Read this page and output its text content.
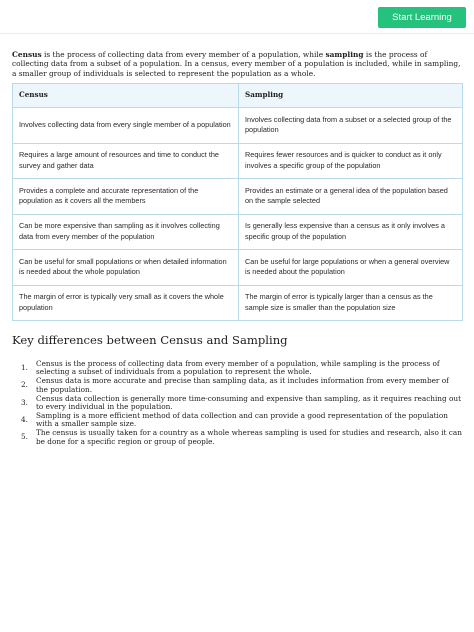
Start Learning

Census is the process of collecting data from every member of a population, while sampling is the process of collecting data from a subset of a population. In a census, every member of a population is included, while in sampling, a smaller group of individuals is selected to represent the population as a whole.

Census	Sampling
Involves collecting data from every single member of a population	Involves collecting data from a subset or a selected group of the population
Requires a large amount of resources and time to conduct the survey and gather data	Requires fewer resources and is quicker to conduct as it only involves a specific group of the population
Provides a complete and accurate representation of the population as it covers all the members	Provides an estimate or a general idea of the population based on the sample selected
Can be more expensive than sampling as it involves collecting data from every member of the population	Is generally less expensive than a census as it only involves a specific group of the population
Can be useful for small populations or when detailed information is needed about the whole population	Can be useful for large populations or when a general overview is needed about the population
The margin of error is typically very small as it covers the whole population	The margin of error is typically larger than a census as the sample size is smaller than the population size
Key differences between Census and Sampling
1.	Census is the process of collecting data from every member of a population, while sampling is the process of selecting a subset of individuals from a population to represent the whole.
2.	Census data is more accurate and precise than sampling data, as it includes information from every member of the population.
3.	Census data collection is generally more time-consuming and expensive than sampling, as it requires reaching out to every individual in the population.
4.	Sampling is a more efficient method of data collection and can provide a good representation of the population with a smaller sample size.
5.	The census is usually taken for a country as a whole whereas sampling is used for studies and research, also it can be done for a specific region or group of people.
